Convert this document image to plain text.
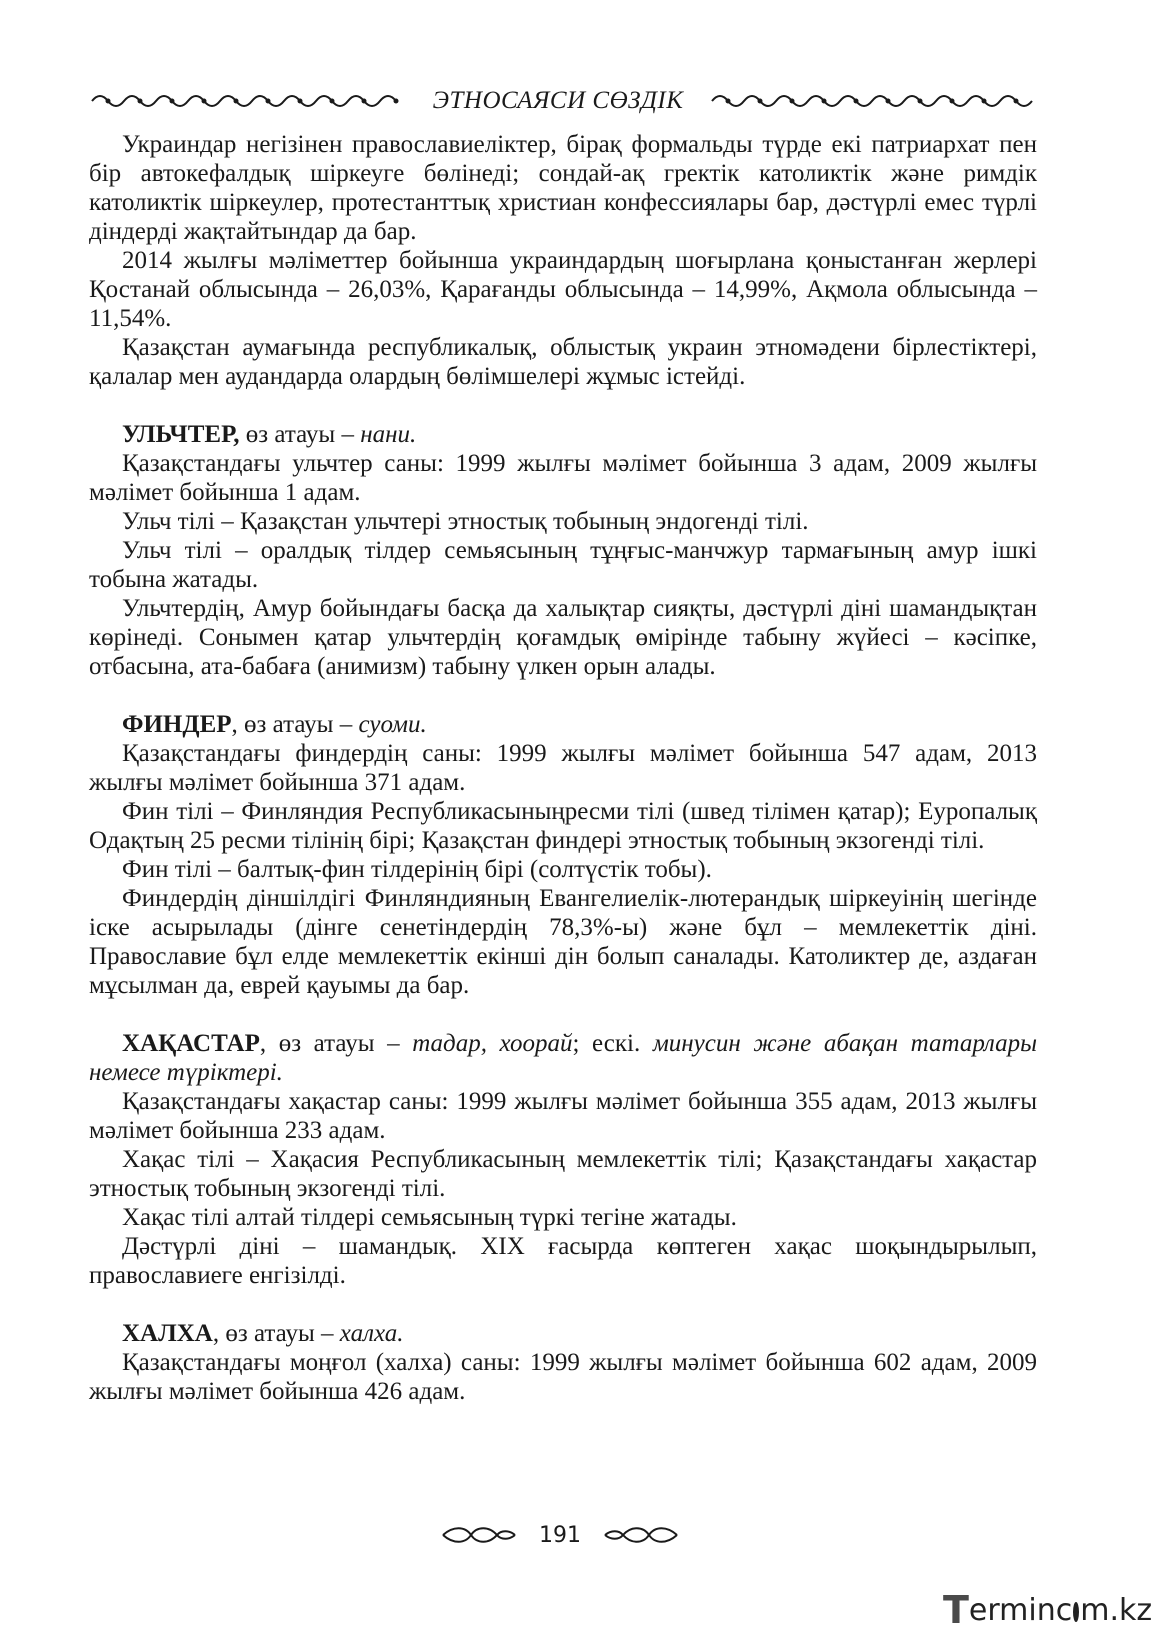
ЭТНОСАЯСИ СӨЗДІК

Украиндар негізінен православиеліктер, бірақ формальды түрде екі патриархат пен бір автокефалдық шіркеуге бөлінеді; сондай-ақ гректік католиктік және римдік католиктік шіркеулер, протестанттық христиан конфессиялары бар, дәстүрлі емес түрлі діндерді жақтайтындар да бар.

2014 жылғы мәліметтер бойынша украиндардың шоғырлана қоныстанған жерлері Қостанай облысында – 26,03%, Қарағанды облысында – 14,99%, Ақмола облысында – 11,54%.

Қазақстан аумағында республикалық, облыстық украин этномәдени бірлестіктері, қалалар мен аудандарда олардың бөлімшелері жұмыс істейді.

УЛЬЧТЕР, өз атауы – нани.

Қазақстандағы ульчтер саны: 1999 жылғы мәлімет бойынша 3 адам, 2009 жылғы мәлімет бойынша 1 адам.

Ульч тілі – Қазақстан ульчтері этностық тобының эндогенді тілі.

Ульч тілі – оралдық тілдер семьясының тұңғыс-манчжур тармағының амур ішкі тобына жатады.

Ульчтердің, Амур бойындағы басқа да халықтар сияқты, дәстүрлі діні шамандықтан көрінеді. Сонымен қатар ульчтердің қоғамдық өмірінде табыну жүйесі – кәсіпке, отбасына, ата-бабаға (анимизм) табыну үлкен орын алады.

ФИНДЕР, өз атауы – суоми.

Қазақстандағы финдердің саны: 1999 жылғы мәлімет бойынша 547 адам, 2013 жылғы мәлімет бойынша 371 адам.

Фин тілі – Финляндия Республикасыныңресми тілі (швед тілімен қатар); Еуропалық Одақтың 25 ресми тілінің бірі; Қазақстан финдері этностық тобының экзогенді тілі.

Фин тілі – балтық-фин тілдерінің бірі (солтүстік тобы).

Финдердің діншілдігі Финляндияның Евангелиелік-лютерандық шіркеуінің шегінде іске асырылады (дінге сенетіндердің 78,3%-ы) және бұл – мемлекеттік діні. Православие бұл елде мемлекеттік екінші дін болып саналады. Католиктер де, аздаған мұсылман да, еврей қауымы да бар.

ХАҚАСТАР, өз атауы – тадар, хоорай; ескі. минусин және абақан татарлары немесе түріктері.

Қазақстандағы хақастар саны: 1999 жылғы мәлімет бойынша 355 адам, 2013 жылғы мәлімет бойынша 233 адам.

Хақас тілі – Хақасия Республикасының мемлекеттік тілі; Қазақстандағы хақастар этностық тобының экзогенді тілі.

Хақас тілі алтай тілдері семьясының түркі тегіне жатады.

Дәстүрлі діні – шамандық. XIX ғасырда көптеген хақас шоқындырылып, православиеге енгізілді.

ХАЛХА, өз атауы – халха.

Қазақстандағы моңғол (халха) саны: 1999 жылғы мәлімет бойынша 602 адам, 2009 жылғы мәлімет бойынша 426 адам.

191
T erminc m.kz
